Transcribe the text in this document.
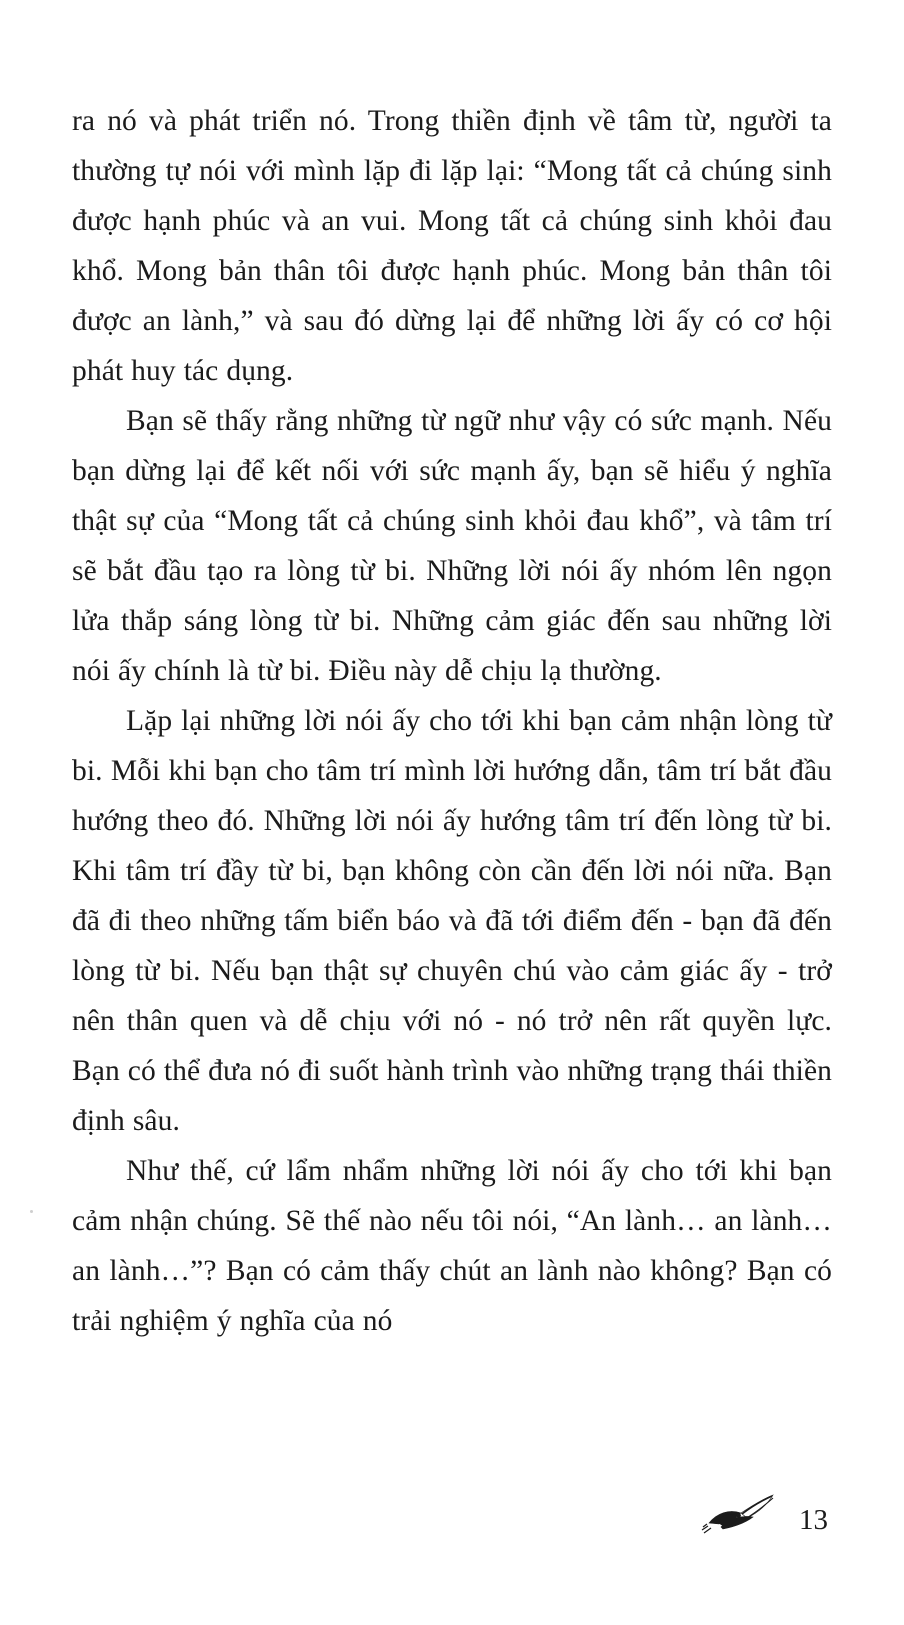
ra nó và phát triển nó. Trong thiền định về tâm từ, người ta thường tự nói với mình lặp đi lặp lại: “Mong tất cả chúng sinh được hạnh phúc và an vui. Mong tất cả chúng sinh khỏi đau khổ. Mong bản thân tôi được hạnh phúc. Mong bản thân tôi được an lành,” và sau đó dừng lại để những lời ấy có cơ hội phát huy tác dụng.

Bạn sẽ thấy rằng những từ ngữ như vậy có sức mạnh. Nếu bạn dừng lại để kết nối với sức mạnh ấy, bạn sẽ hiểu ý nghĩa thật sự của “Mong tất cả chúng sinh khỏi đau khổ”, và tâm trí sẽ bắt đầu tạo ra lòng từ bi. Những lời nói ấy nhóm lên ngọn lửa thắp sáng lòng từ bi. Những cảm giác đến sau những lời nói ấy chính là từ bi. Điều này dễ chịu lạ thường.

Lặp lại những lời nói ấy cho tới khi bạn cảm nhận lòng từ bi. Mỗi khi bạn cho tâm trí mình lời hướng dẫn, tâm trí bắt đầu hướng theo đó. Những lời nói ấy hướng tâm trí đến lòng từ bi. Khi tâm trí đầy từ bi, bạn không còn cần đến lời nói nữa. Bạn đã đi theo những tấm biển báo và đã tới điểm đến - bạn đã đến lòng từ bi. Nếu bạn thật sự chuyên chú vào cảm giác ấy - trở nên thân quen và dễ chịu với nó - nó trở nên rất quyền lực. Bạn có thể đưa nó đi suốt hành trình vào những trạng thái thiền định sâu.

Như thế, cứ lẩm nhẩm những lời nói ấy cho tới khi bạn cảm nhận chúng. Sẽ thế nào nếu tôi nói, “An lành… an lành… an lành…”? Bạn có cảm thấy chút an lành nào không? Bạn có trải nghiệm ý nghĩa của nó

13
